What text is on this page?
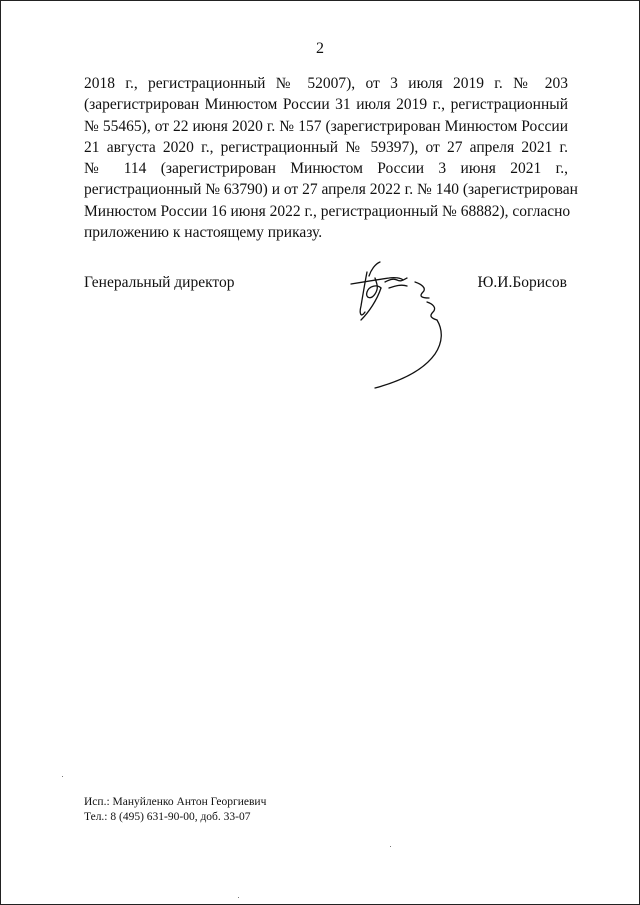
2
2018 г., регистрационный № 52007), от 3 июля 2019 г. № 203
(зарегистрирован Минюстом России 31 июля 2019 г., регистрационный
№ 55465), от 22 июня 2020 г. № 157 (зарегистрирован Минюстом России
21 августа 2020 г., регистрационный № 59397), от 27 апреля 2021 г.
№ 114 (зарегистрирован Минюстом России 3 июня 2021 г.,
регистрационный № 63790) и от 27 апреля 2022 г. № 140 (зарегистрирован
Минюстом России 16 июня 2022 г., регистрационный № 68882), согласно
приложению к настоящему приказу.
Генеральный директор	Ю.И.Борисов
Исп.: Мануйленко Антон Георгиевич
Тел.: 8 (495) 631-90-00, доб. 33-07
